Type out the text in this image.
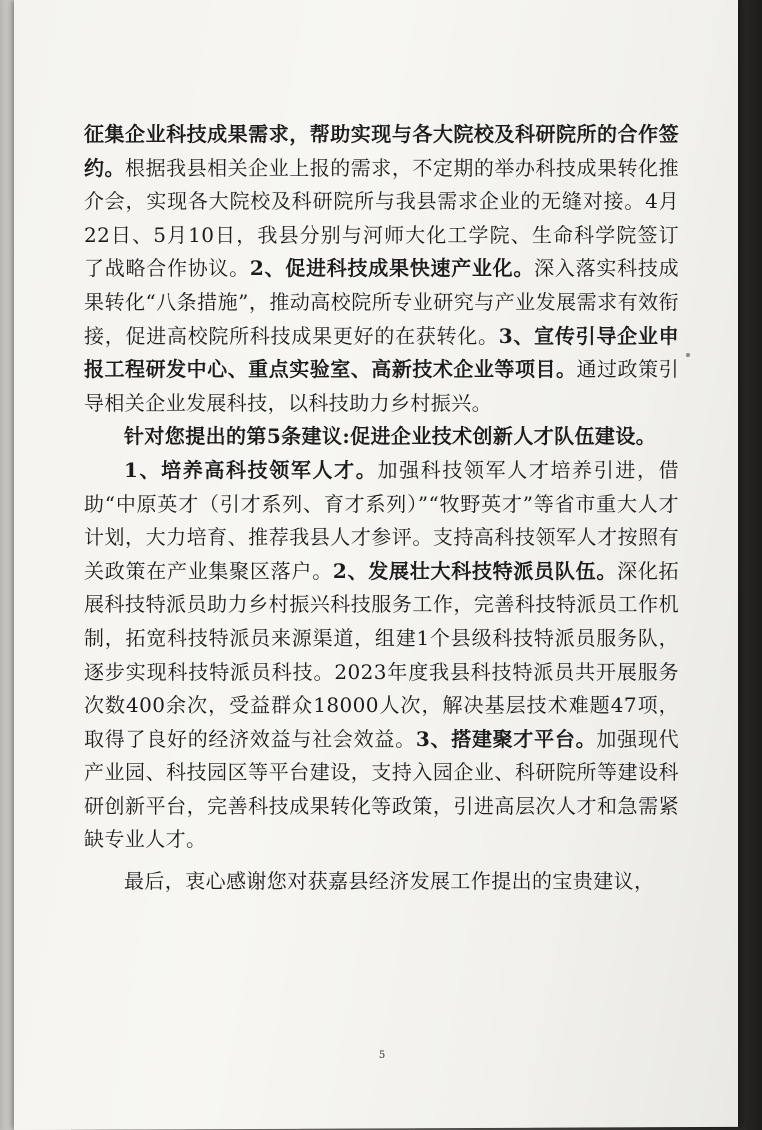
征集企业科技成果需求，帮助实现与各大院校及科研院所的合作签约。根据我县相关企业上报的需求，不定期的举办科技成果转化推介会，实现各大院校及科研院所与我县需求企业的无缝对接。4月22日、5月10日，我县分别与河师大化工学院、生命科学院签订了战略合作协议。2、促进科技成果快速产业化。深入落实科技成果转化“八条措施”，推动高校院所专业研究与产业发展需求有效衔接，促进高校院所科技成果更好的在获转化。3、宣传引导企业申报工程研发中心、重点实验室、高新技术企业等项目。通过政策引导相关企业发展科技，以科技助力乡村振兴。

针对您提出的第5条建议:促进企业技术创新人才队伍建设。

1、培养高科技领军人才。加强科技领军人才培养引进，借助“中原英才（引才系列、育才系列）”“牧野英才”等省市重大人才计划，大力培育、推荐我县人才参评。支持高科技领军人才按照有关政策在产业集聚区落户。2、发展壮大科技特派员队伍。深化拓展科技特派员助力乡村振兴科技服务工作，完善科技特派员工作机制，拓宽科技特派员来源渠道，组建1个县级科技特派员服务队，逐步实现科技特派员科技。2023年度我县科技特派员共开展服务次数400余次，受益群众18000人次，解决基层技术难题47项，取得了良好的经济效益与社会效益。3、搭建聚才平台。加强现代产业园、科技园区等平台建设，支持入园企业、科研院所等建设科研创新平台，完善科技成果转化等政策，引进高层次人才和急需紧缺专业人才。

最后，衷心感谢您对获嘉县经济发展工作提出的宝贵建议，

5
